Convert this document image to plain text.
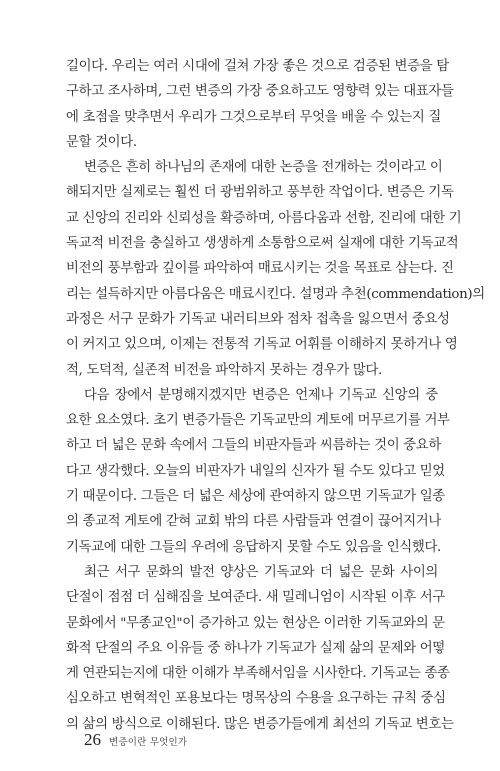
길이다. 우리는 여러 시대에 걸쳐 가장 좋은 것으로 검증된 변증을 탐
구하고 조사하며, 그런 변증의 가장 중요하고도 영향력 있는 대표자들
에 초점을 맞추면서 우리가 그것으로부터 무엇을 배울 수 있는지 질
문할 것이다.
변증은 흔히 하나님의 존재에 대한 논증을 전개하는 것이라고 이
해되지만 실제로는 훨씬 더 광범위하고 풍부한 작업이다. 변증은 기독
교 신앙의 진리와 신뢰성을 확증하며, 아름다움과 선함, 진리에 대한 기
독교적 비전을 충실하고 생생하게 소통함으로써 실재에 대한 기독교적
비전의 풍부함과 깊이를 파악하여 매료시키는 것을 목표로 삼는다. 진
리는 설득하지만 아름다움은 매료시킨다. 설명과 추천(commendation)의
과정은 서구 문화가 기독교 내러티브와 점차 접촉을 잃으면서 중요성
이 커지고 있으며, 이제는 전통적 기독교 어휘를 이해하지 못하거나 영
적, 도덕적, 실존적 비전을 파악하지 못하는 경우가 많다.
다음 장에서 분명해지겠지만 변증은 언제나 기독교 신앙의 중
요한 요소였다. 초기 변증가들은 기독교만의 게토에 머무르기를 거부
하고 더 넓은 문화 속에서 그들의 비판자들과 씨름하는 것이 중요하
다고 생각했다. 오늘의 비판자가 내일의 신자가 될 수도 있다고 믿었
기 때문이다. 그들은 더 넓은 세상에 관여하지 않으면 기독교가 일종
의 종교적 게토에 갇혀 교회 밖의 다른 사람들과 연결이 끊어지거나
기독교에 대한 그들의 우려에 응답하지 못할 수도 있음을 인식했다.
최근 서구 문화의 발전 양상은 기독교와 더 넓은 문화 사이의
단절이 점점 더 심해짐을 보여준다. 새 밀레니엄이 시작된 이후 서구
문화에서 "무종교인"이 증가하고 있는 현상은 이러한 기독교와의 문
화적 단절의 주요 이유들 중 하나가 기독교가 실제 삶의 문제와 어떻
게 연관되는지에 대한 이해가 부족해서임을 시사한다. 기독교는 종종
심오하고 변혁적인 포용보다는 명목상의 수용을 요구하는 규칙 중심
의 삶의 방식으로 이해된다. 많은 변증가들에게 최선의 기독교 변호는
26 변증이란 무엇인가
